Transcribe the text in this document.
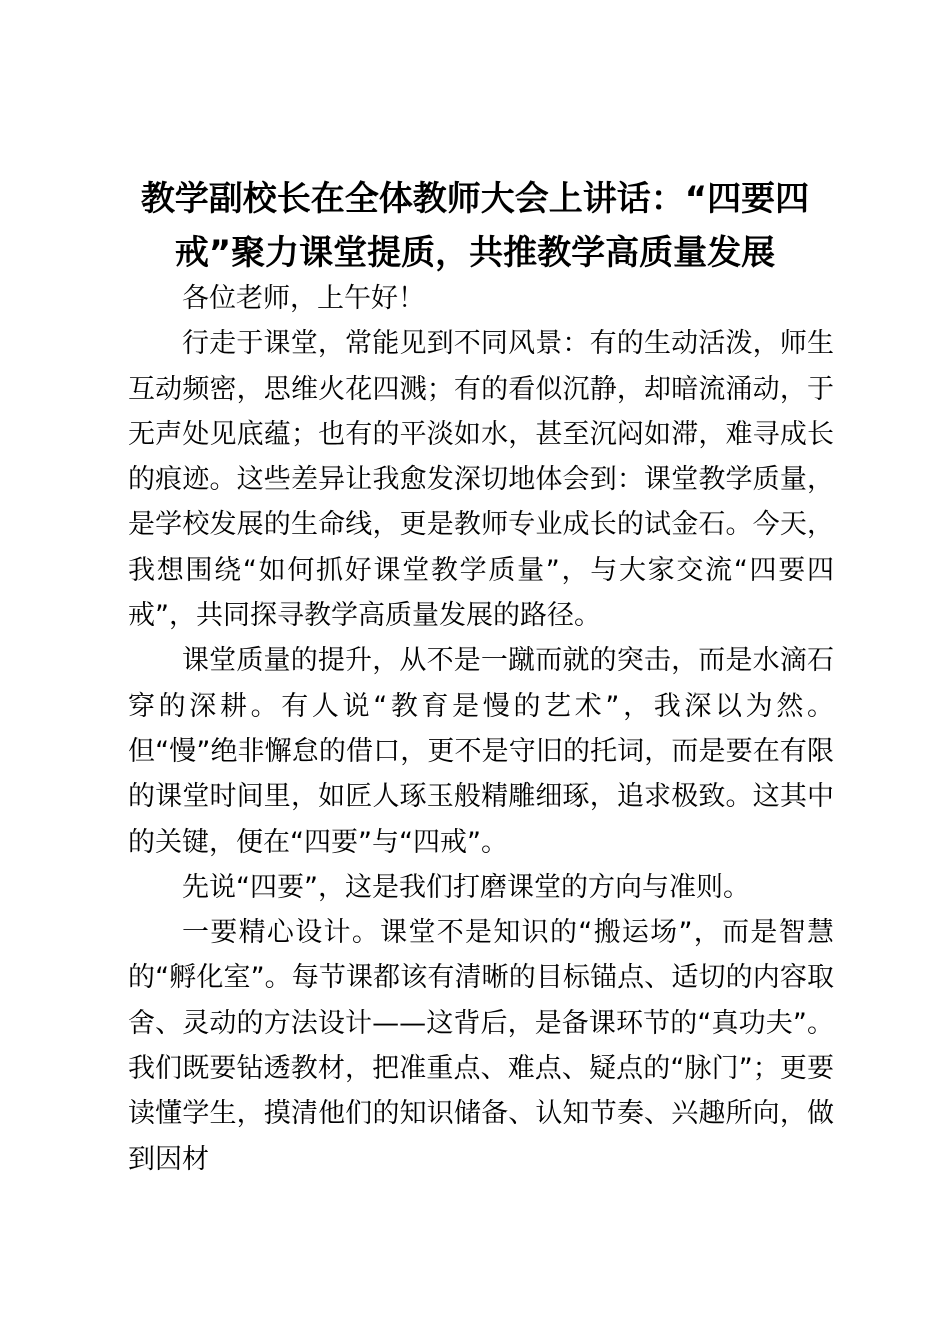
教学副校长在全体教师大会上讲话：“四要四戒”聚力课堂提质，共推教学高质量发展

各位老师，上午好！

行走于课堂，常能见到不同风景：有的生动活泼，师生互动频密，思维火花四溅；有的看似沉静，却暗流涌动，于无声处见底蕴；也有的平淡如水，甚至沉闷如滞，难寻成长的痕迹。这些差异让我愈发深切地体会到：课堂教学质量，是学校发展的生命线，更是教师专业成长的试金石。今天，我想围绕“如何抓好课堂教学质量”，与大家交流“四要四戒”，共同探寻教学高质量发展的路径。

课堂质量的提升，从不是一蹴而就的突击，而是水滴石穿的深耕。有人说“教育是慢的艺术”，我深以为然。但“慢”绝非懈怠的借口，更不是守旧的托词，而是要在有限的课堂时间里，如匠人琢玉般精雕细琢，追求极致。这其中的关键，便在“四要”与“四戒”。

先说“四要”，这是我们打磨课堂的方向与准则。

一要精心设计。课堂不是知识的“搬运场”，而是智慧的“孵化室”。每节课都该有清晰的目标锚点、适切的内容取舍、灵动的方法设计——这背后，是备课环节的“真功夫”。我们既要钻透教材，把准重点、难点、疑点的“脉门”；更要读懂学生，摸清他们的知识储备、认知节奏、兴趣所向，做到因材
